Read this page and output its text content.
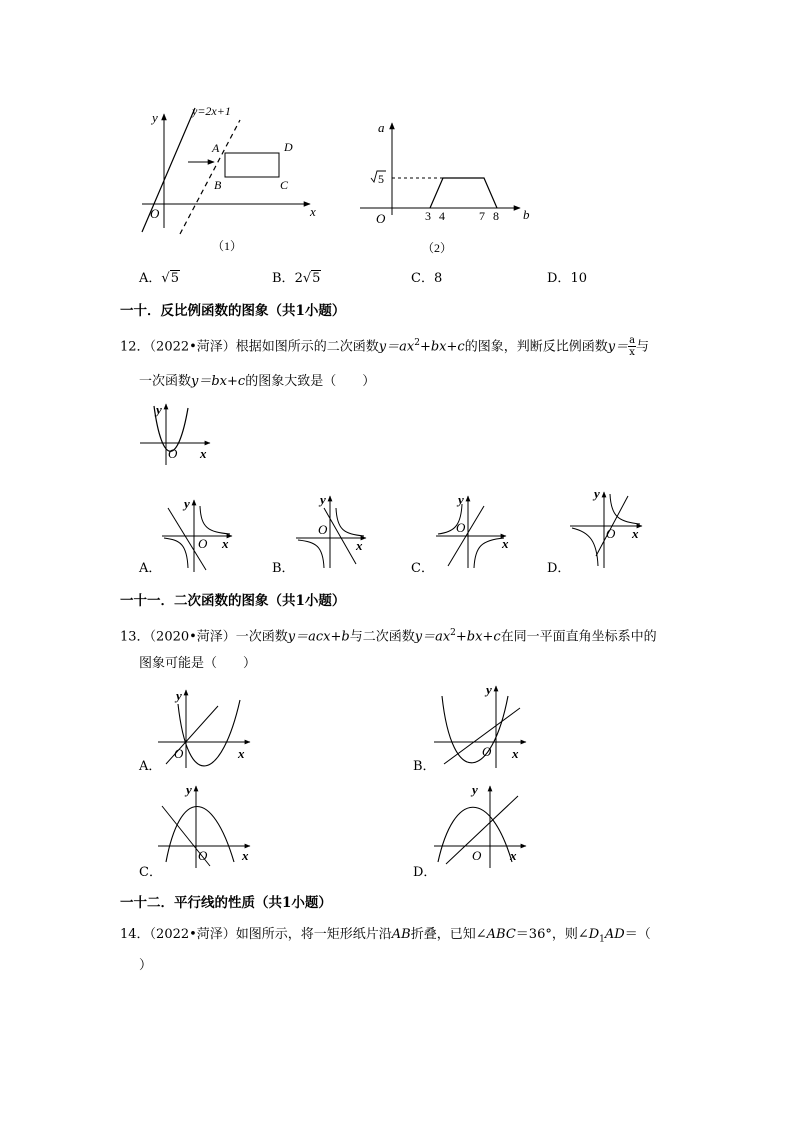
y=2x+1
y
x
O
A
B	C
D
（1）
a
b
O
5
3 4	7 8
（2）
A．√5	B．2√5	C．8	D．10
一十．反比例函数的图象（共1小题）
12．（2022•菏泽）根据如图所示的二次函数$y=ax^2+bx+c$的图象，判断反比例函数$y= \frac{a}{x}$ 与
一次函数y＝bx+c的图象大致是（　　）
y
O x
y
O x
y
O
x
y
O
x
y
O x
A．	B．	C．	D．
一十一．二次函数的图象（共1小题）
13．（2020•菏泽）一次函数y＝acx+b与二次函数$y=ax^2+bx+c$在同一平面直角坐标系中的
图象可能是（　　）
y
O	x
y
O x
y
O	x
y
O x
A．	B．
C．	D．
一十二．平行线的性质（共1小题）
14．（2022•菏泽）如图所示，将一矩形纸片沿AB折叠，已知∠ABC＝36°，则$\angle D_1AD=$（
）
